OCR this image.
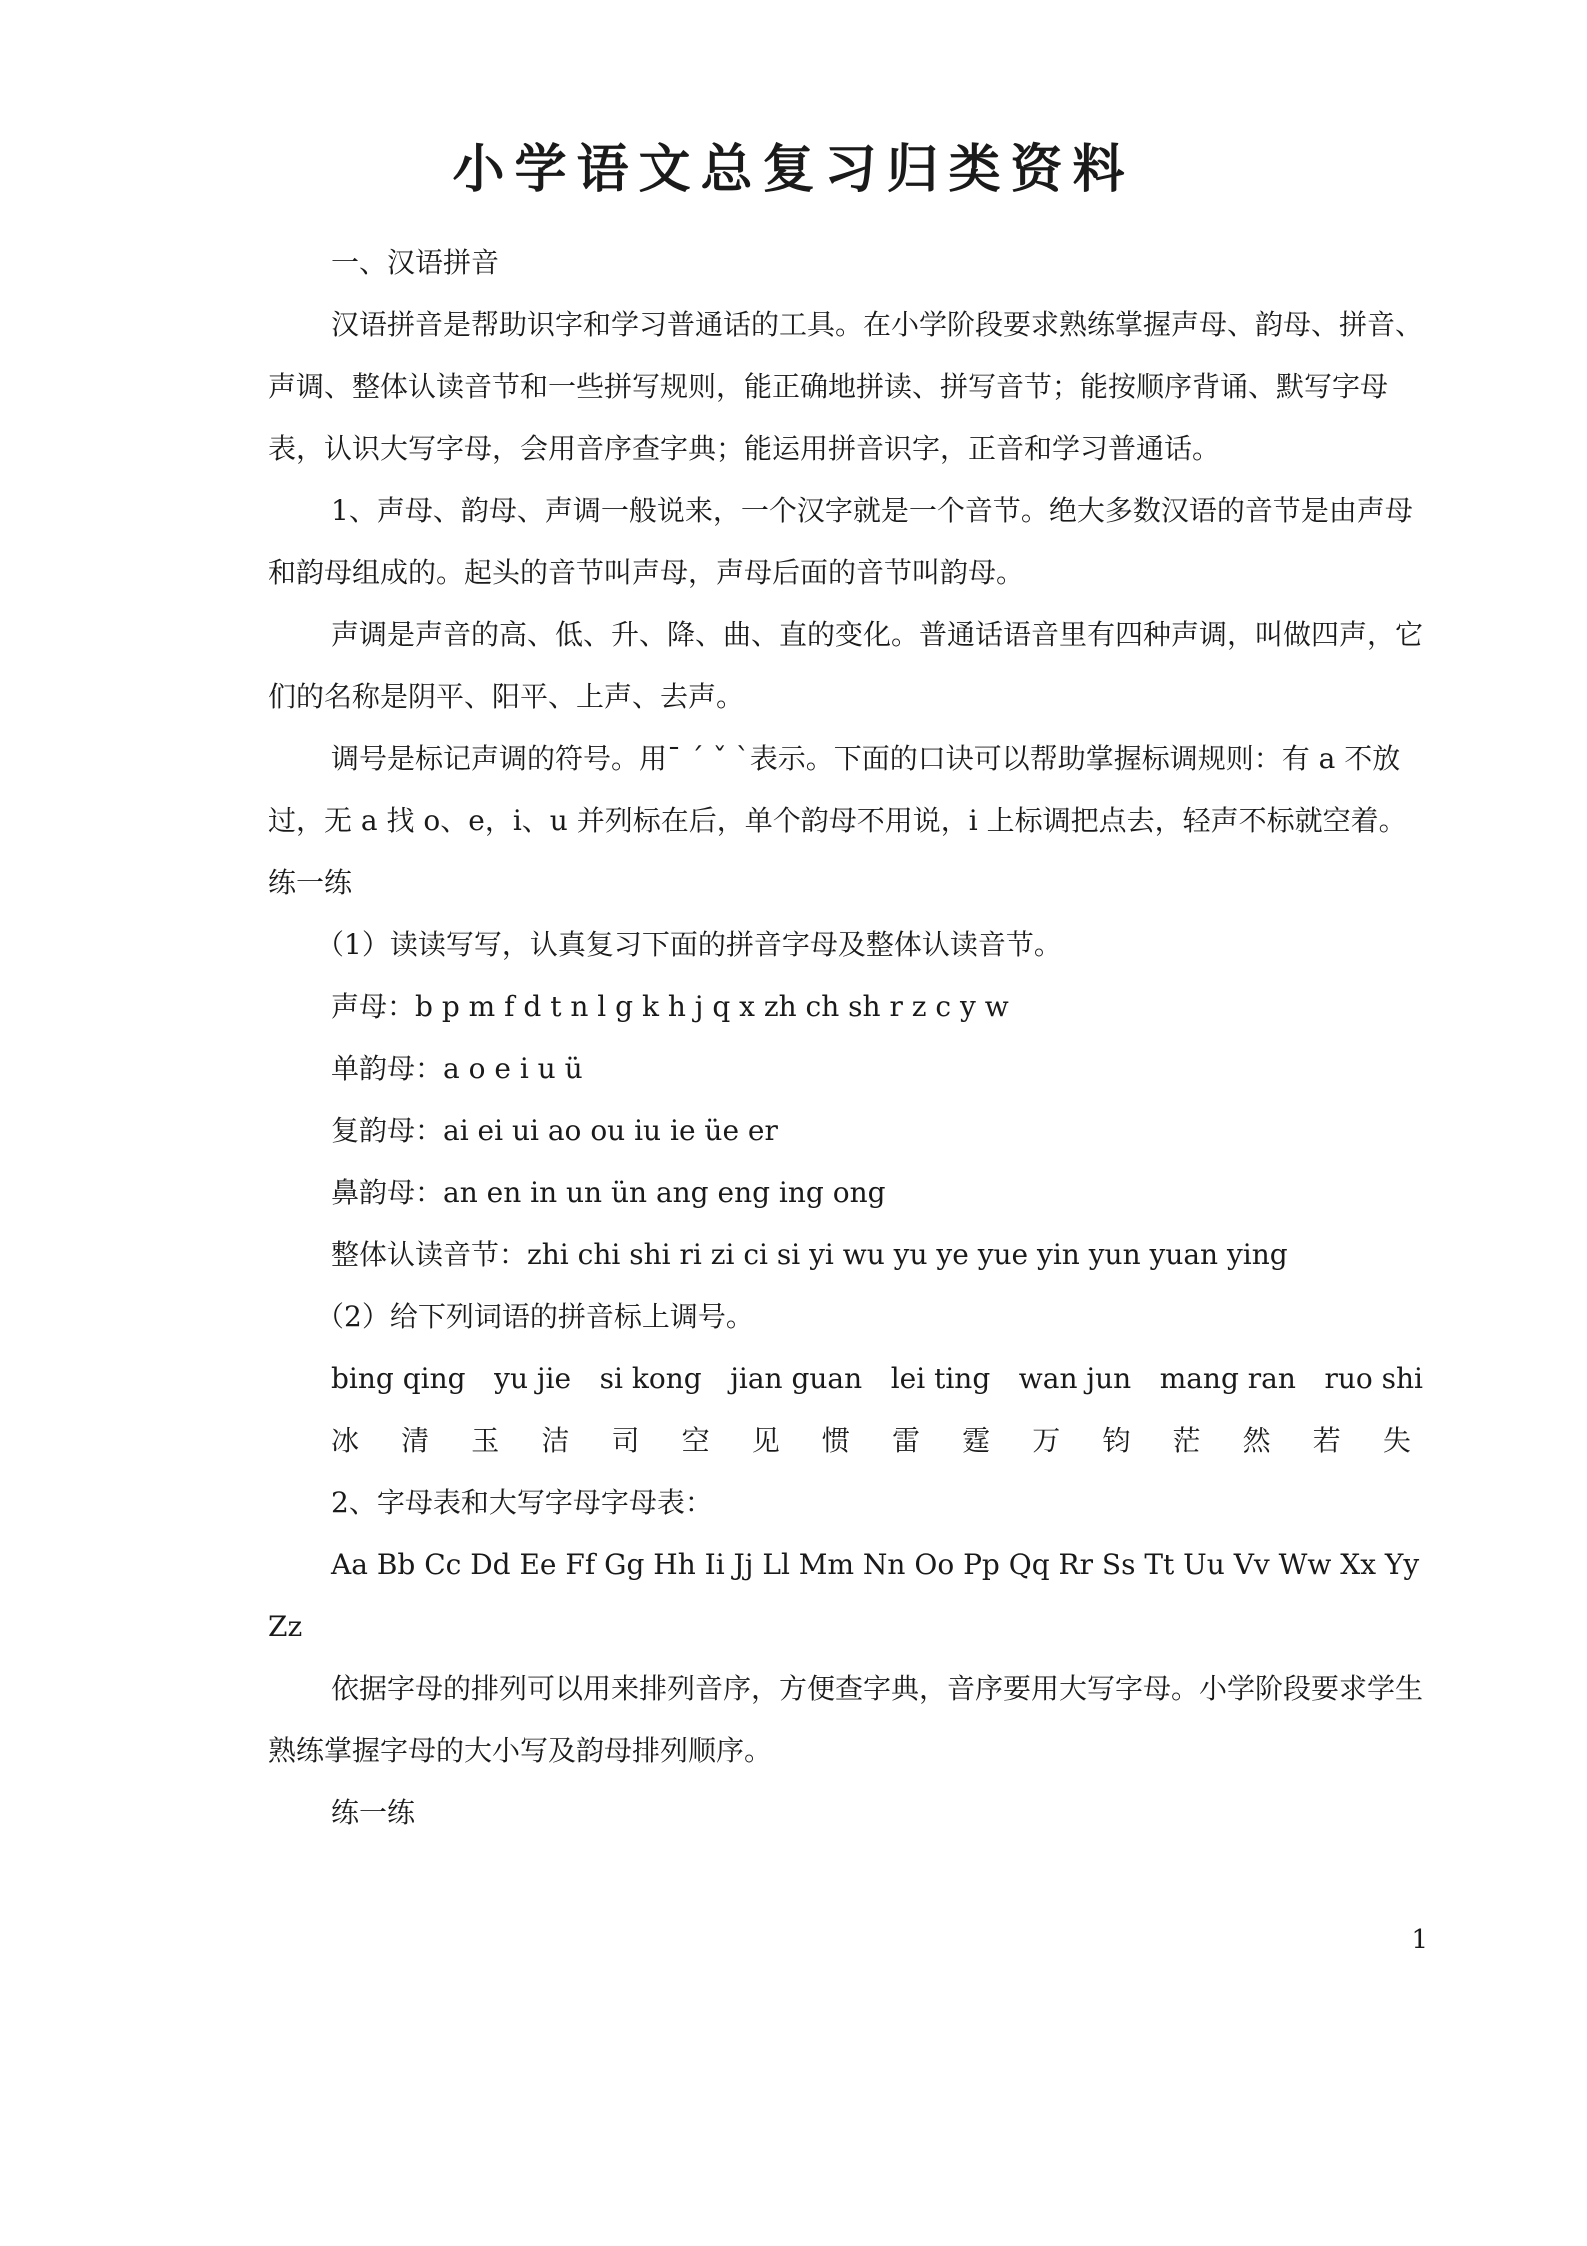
小学语文总复习归类资料

一、汉语拼音

汉语拼音是帮助识字和学习普通话的工具。在小学阶段要求熟练掌握声母、韵母、拼音、声调、整体认读音节和一些拼写规则，能正确地拼读、拼写音节；能按顺序背诵、默写字母表，认识大写字母，会用音序查字典；能运用拼音识字，正音和学习普通话。

1、声母、韵母、声调一般说来，一个汉字就是一个音节。绝大多数汉语的音节是由声母和韵母组成的。起头的音节叫声母，声母后面的音节叫韵母。

声调是声音的高、低、升、降、曲、直的变化。普通话语音里有四种声调，叫做四声，它们的名称是阴平、阳平、上声、去声。

调号是标记声调的符号。用ˉ ˊ ˇ ˋ表示。下面的口诀可以帮助掌握标调规则：有 a 不放过，无 a 找 o、e，i、u 并列标在后，单个韵母不用说，i 上标调把点去，轻声不标就空着。练一练

（1）读读写写，认真复习下面的拼音字母及整体认读音节。

声母：b p m f d t n l g k h j q x zh ch sh r z c y w

单韵母：a o e i u ü

复韵母：ai ei ui ao ou iu ie üe er

鼻韵母：an en in un ün ang eng ing ong

整体认读音节：zhi chi shi ri zi ci si yi wu yu ye yue yin yun yuan ying

（2）给下列词语的拼音标上调号。

bing qing yu jie si kong jian guan lei ting wan jun mang ran ruo shi
冰 清 玉 洁 司 空 见 惯 雷 霆 万 钧 茫 然 若 失

2、字母表和大写字母字母表：

Aa Bb Cc Dd Ee Ff Gg Hh Ii Jj Ll Mm Nn Oo Pp Qq Rr Ss Tt Uu Vv Ww Xx Yy Zz

依据字母的排列可以用来排列音序，方便查字典，音序要用大写字母。小学阶段要求学生熟练掌握字母的大小写及韵母排列顺序。

练一练

1
